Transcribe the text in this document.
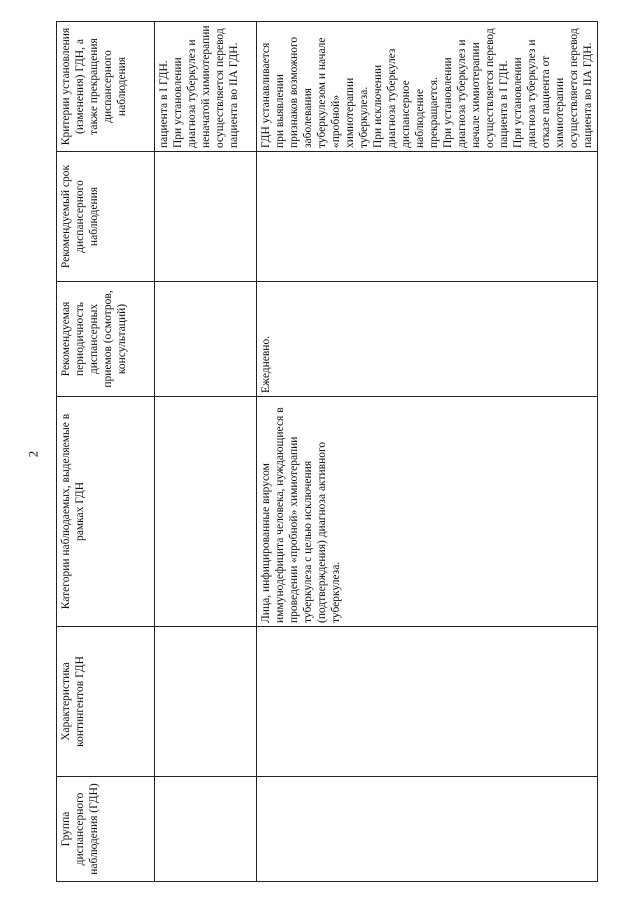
2
Группа диспансерного наблюдения (ГДН)	Характеристика контингентов ГДН	Категории наблюдаемых, выделяемые в рамках ГДН	Рекомендуемая периодичность диспансерных приемов (осмотров, консультаций)	Рекомендуемый срок диспансерного наблюдения	Критерии установления (изменения) ГДН, а также прекращения диспансерного наблюдения
					пациента в I ГДН.
При установлении диагноза туберкулез и неначатой химиотерапии осуществляется перевод пациента во IIА ГДН.
		Лица, инфицированные вирусом иммунодефицита человека, нуждающиеся в проведении «пробной» химиотерапии туберкулеза с целью исключения (подтверждения) диагноза активного туберкулеза.	Ежедневно.		ГДН устанавливается при выявлении признаков возможного заболевания туберкулезом и начале «пробной» химиотерапии туберкулеза.
При исключении диагноза туберкулез диспансерное наблюдение прекращается.
При установлении диагноза туберкулез и начале химиотерапии осуществляется перевод пациента в I ГДН.
При установлении диагноза туберкулез и отказе пациента от химиотерапии осуществляется перевод пациента во IIА ГДН.
